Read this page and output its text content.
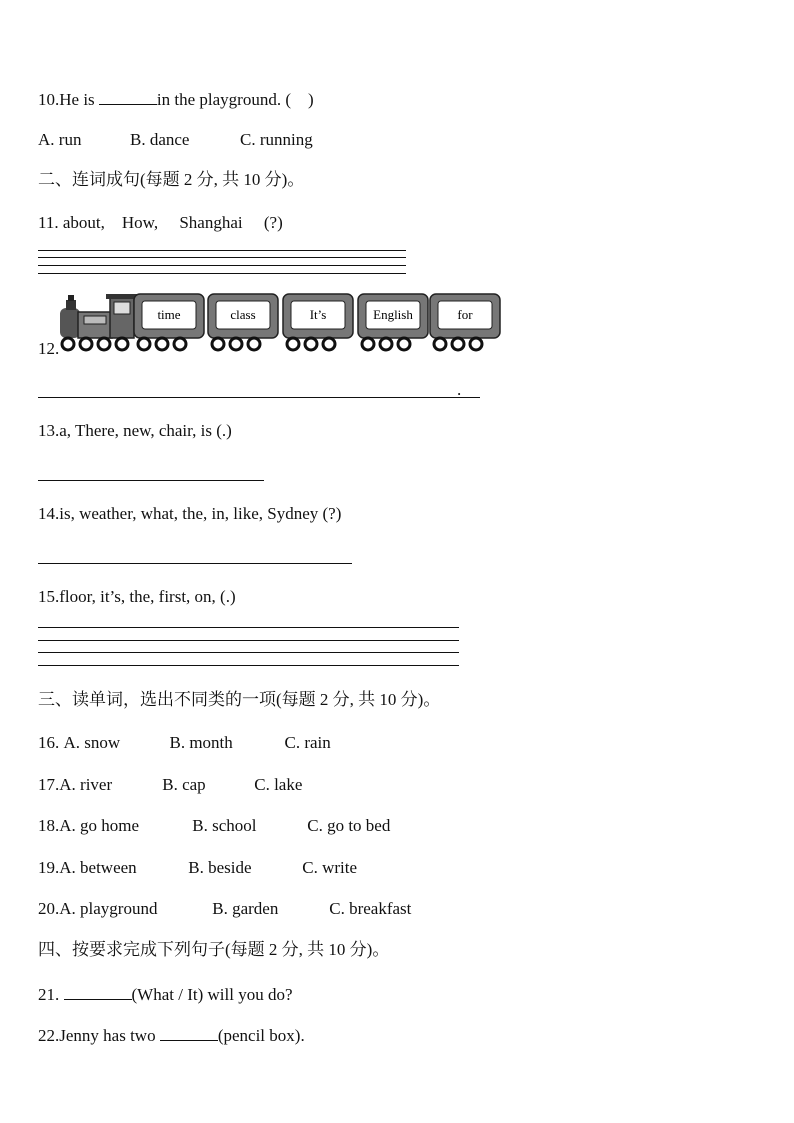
10.He is	in the playground. ( )
A. run	B. dance	C. running
二、连词成句(每题 2 分, 共 10 分)。
11. about,    How,     Shanghai     (?)
12.
time	class	It’s	English	for
.
13.a, There, new, chair, is (.)
14.is, weather, what, the, in, like, Sydney (?)
15.floor, it’s, the, first, on, (.)
三、读单词，选出不同类的一项(每题 2 分, 共 10 分)。
16. A. snow	B. month	C. rain
17.A. river	B. cap	C. lake
18.A. go home	B. school	C. go to bed
19.A. between	B. beside	C. write
20.A. playground	B. garden	C. breakfast
四、按要求完成下列句子(每题 2 分, 共 10 分)。
21.	(What / It) will you do?
22.Jenny has two	(pencil box).
